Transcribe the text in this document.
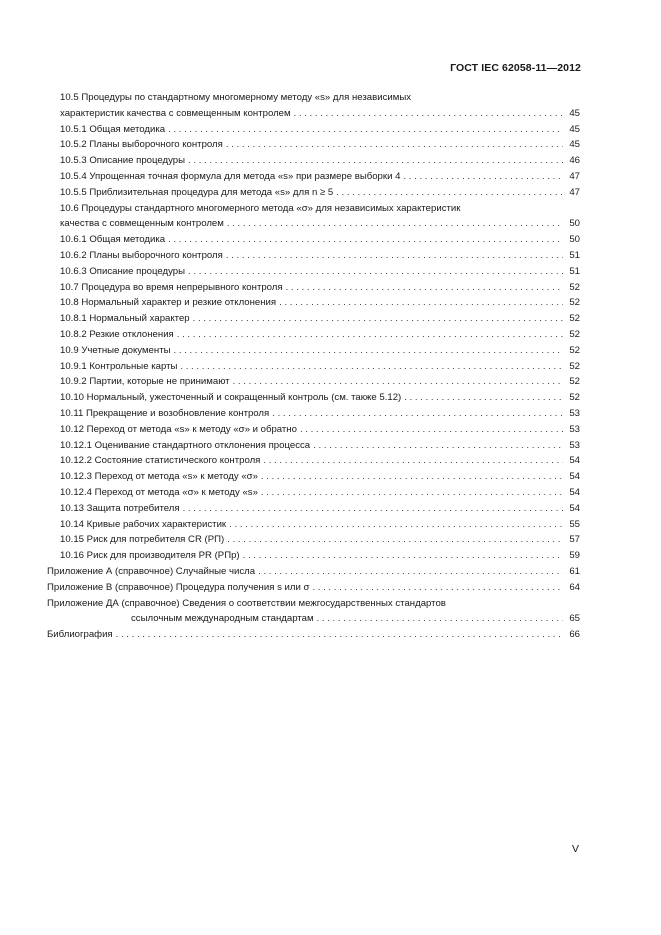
ГОСТ IEC 62058-11—2012
10.5 Процедуры по стандартному многомерному методу «s» для независимых
характеристик качества с совмещенным контролем . . .	45
10.5.1 Общая методика . . .	45
10.5.2 Планы выборочного контроля . . .	45
10.5.3 Описание процедуры . . .	46
10.5.4 Упрощенная точная формула для метода «s» при размере выборки 4 . . .	47
10.5.5 Приблизительная процедура для метода «s» для n ≥ 5 . . .	47
10.6 Процедуры стандартного многомерного метода «σ» для независимых характеристик
качества с совмещенным контролем . . .	50
10.6.1 Общая методика . . .	50
10.6.2 Планы выборочного контроля . . .	51
10.6.3 Описание процедуры . . .	51
10.7 Процедура во время непрерывного контроля . . .	52
10.8 Нормальный характер и резкие отклонения . . .	52
10.8.1 Нормальный характер . . .	52
10.8.2 Резкие отклонения . . .	52
10.9 Учетные документы . . .	52
10.9.1 Контрольные карты . . .	52
10.9.2 Партии, которые не принимают . . .	52
10.10 Нормальный, ужесточенный и сокращенный контроль (см. также 5.12) . . .	52
10.11 Прекращение и возобновление контроля . . .	53
10.12 Переход от метода «s» к методу «σ» и обратно . . .	53
10.12.1 Оценивание стандартного отклонения процесса . . .	53
10.12.2 Состояние статистического контроля . . .	54
10.12.3 Переход от метода «s» к методу «σ» . . .	54
10.12.4 Переход от метода «σ» к методу «s» . . .	54
10.13 Защита потребителя . . .	54
10.14 Кривые рабочих характеристик . . .	55
10.15 Риск для потребителя CR (РП) . . .	57
10.16 Риск для производителя PR (РПр) . . .	59
Приложение А (справочное) Случайные числа . . .	61
Приложение В (справочное) Процедура получения s или σ . . .	64
Приложение ДА (справочное) Сведения о соответствии межгосударственных стандартов
ссылочным международным стандартам . . .	65
Библиография . . .	66
V
